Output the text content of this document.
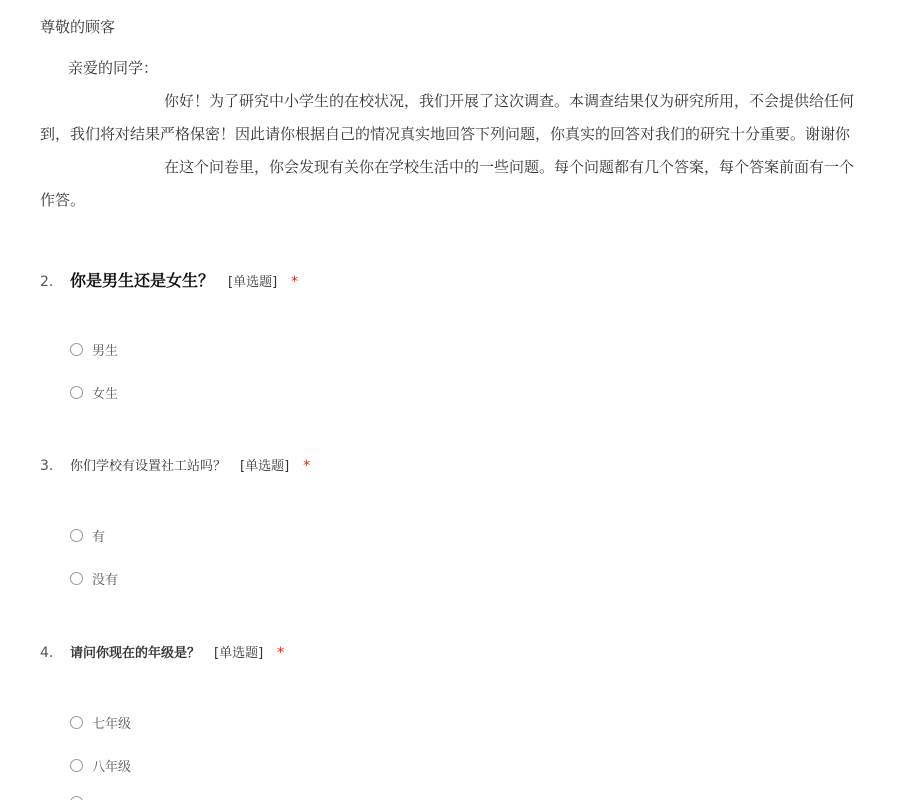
尊敬的顾客
亲爱的同学：
你好！为了研究中小学生的在校状况，我们开展了这次调查。本调查结果仅为研究所用，不会提供给任何
到，我们将对结果严格保密！因此请你根据自己的情况真实地回答下列问题，你真实的回答对我们的研究十分重要。谢谢你
在这个问卷里，你会发现有关你在学校生活中的一些问题。每个问题都有几个答案，每个答案前面有一个
作答。
2.	你是男生还是女生？ [单选题] *
男生
女生
3.	你们学校有设置社工站吗？ [单选题] *
有
没有
4.	请问你现在的年级是？ [单选题] *
七年级
八年级
